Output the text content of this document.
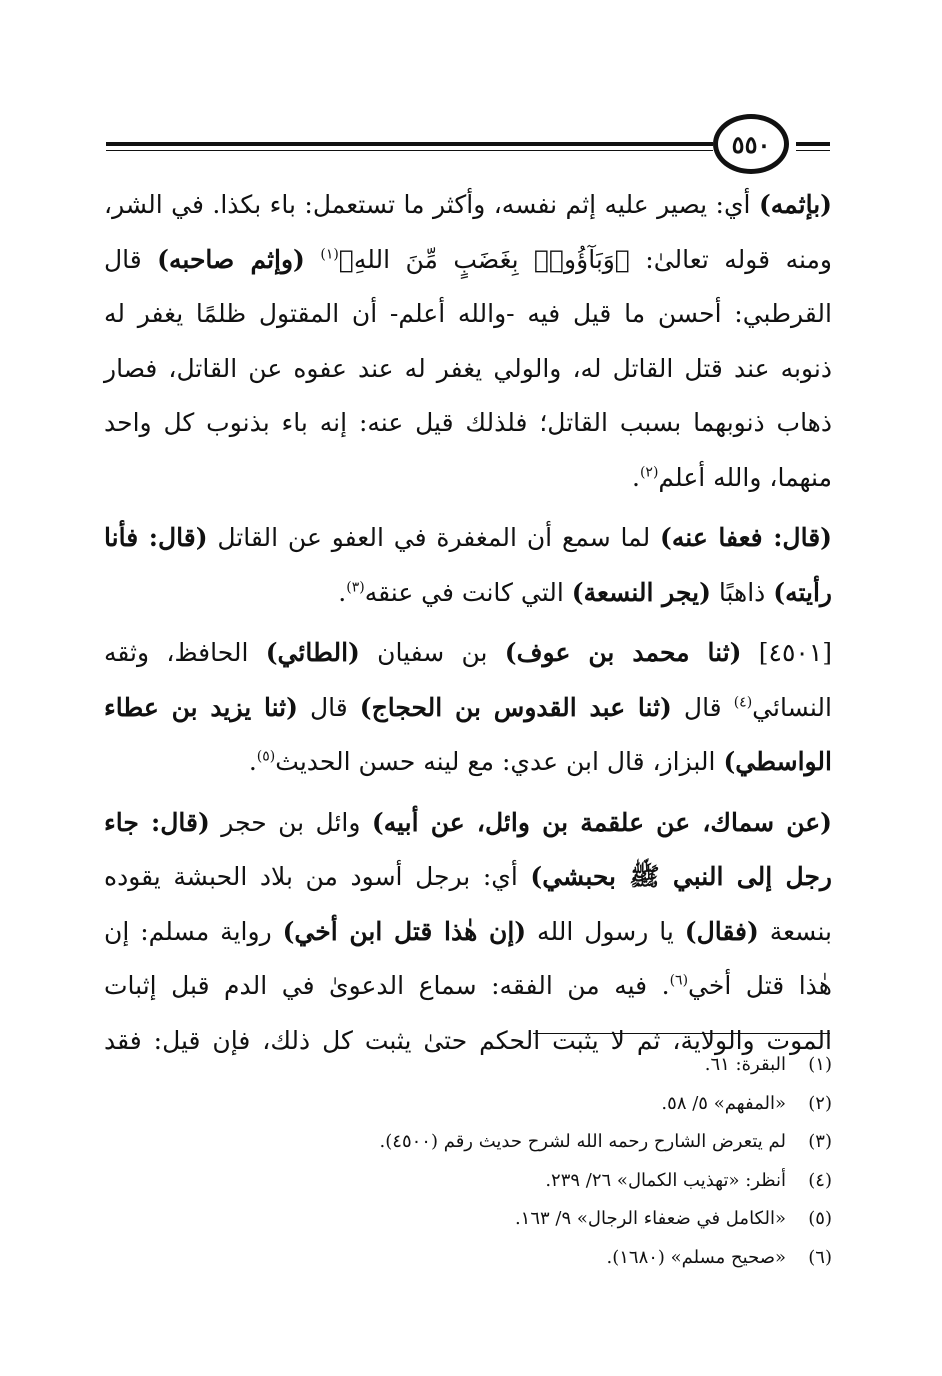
٥٥٠

(بإثمه) أي: يصير عليه إثم نفسه، وأكثر ما تستعمل: باء بكذا. في الشر، ومنه قوله تعالىٰ: ﴿وَبَآؤُوا۟ بِغَضَبٍ مِّنَ اللهِ﴾$^{(١)}$ (وإثم صاحبه) قال القرطبي: أحسن ما قيل فيه -والله أعلم- أن المقتول ظلمًا يغفر له ذنوبه عند قتل القاتل له، والولي يغفر له عند عفوه عن القاتل، فصار ذهاب ذنوبهما بسبب القاتل؛ فلذلك قيل عنه: إنه باء بذنوب كل واحد منهما، والله أعلم$^{(٢)}$.

(قال: فعفا عنه) لما سمع أن المغفرة في العفو عن القاتل (قال: فأنا رأيته) ذاهبًا (يجر النسعة) التي كانت في عنقه$^{(٣)}$.

[٤٥٠١] (ثنا محمد بن عوف) بن سفيان (الطائي) الحافظ، وثقه النسائي$^{(٤)}$ قال (ثنا عبد القدوس بن الحجاج) قال (ثنا يزيد بن عطاء الواسطي) البزاز، قال ابن عدي: مع لينه حسن الحديث$^{(٥)}$.

(عن سماك، عن علقمة بن وائل، عن أبيه) وائل بن حجر (قال: جاء رجل إلى النبي ﷺ بحبشي) أي: برجل أسود من بلاد الحبشة يقوده بنسعة (فقال) يا رسول الله (إن هٰذا قتل ابن أخي) رواية مسلم: إن هٰذا قتل أخي$^{(٦)}$. فيه من الفقه: سماع الدعوىٰ في الدم قبل إثبات الموت والولاية، ثم لا يثبت الحكم حتىٰ يثبت كل ذلك، فإن قيل: فقد

(١)البقرة: ٦١.
(٢)«المفهم» ٥/ ٥٨.
(٣)لم يتعرض الشارح رحمه الله لشرح حديث رقم (٤٥٠٠).
(٤)أنظر: «تهذيب الكمال» ٢٦/ ٢٣٩.
(٥)«الكامل في ضعفاء الرجال» ٩/ ١٦٣.
(٦)«صحيح مسلم» (١٦٨٠).
